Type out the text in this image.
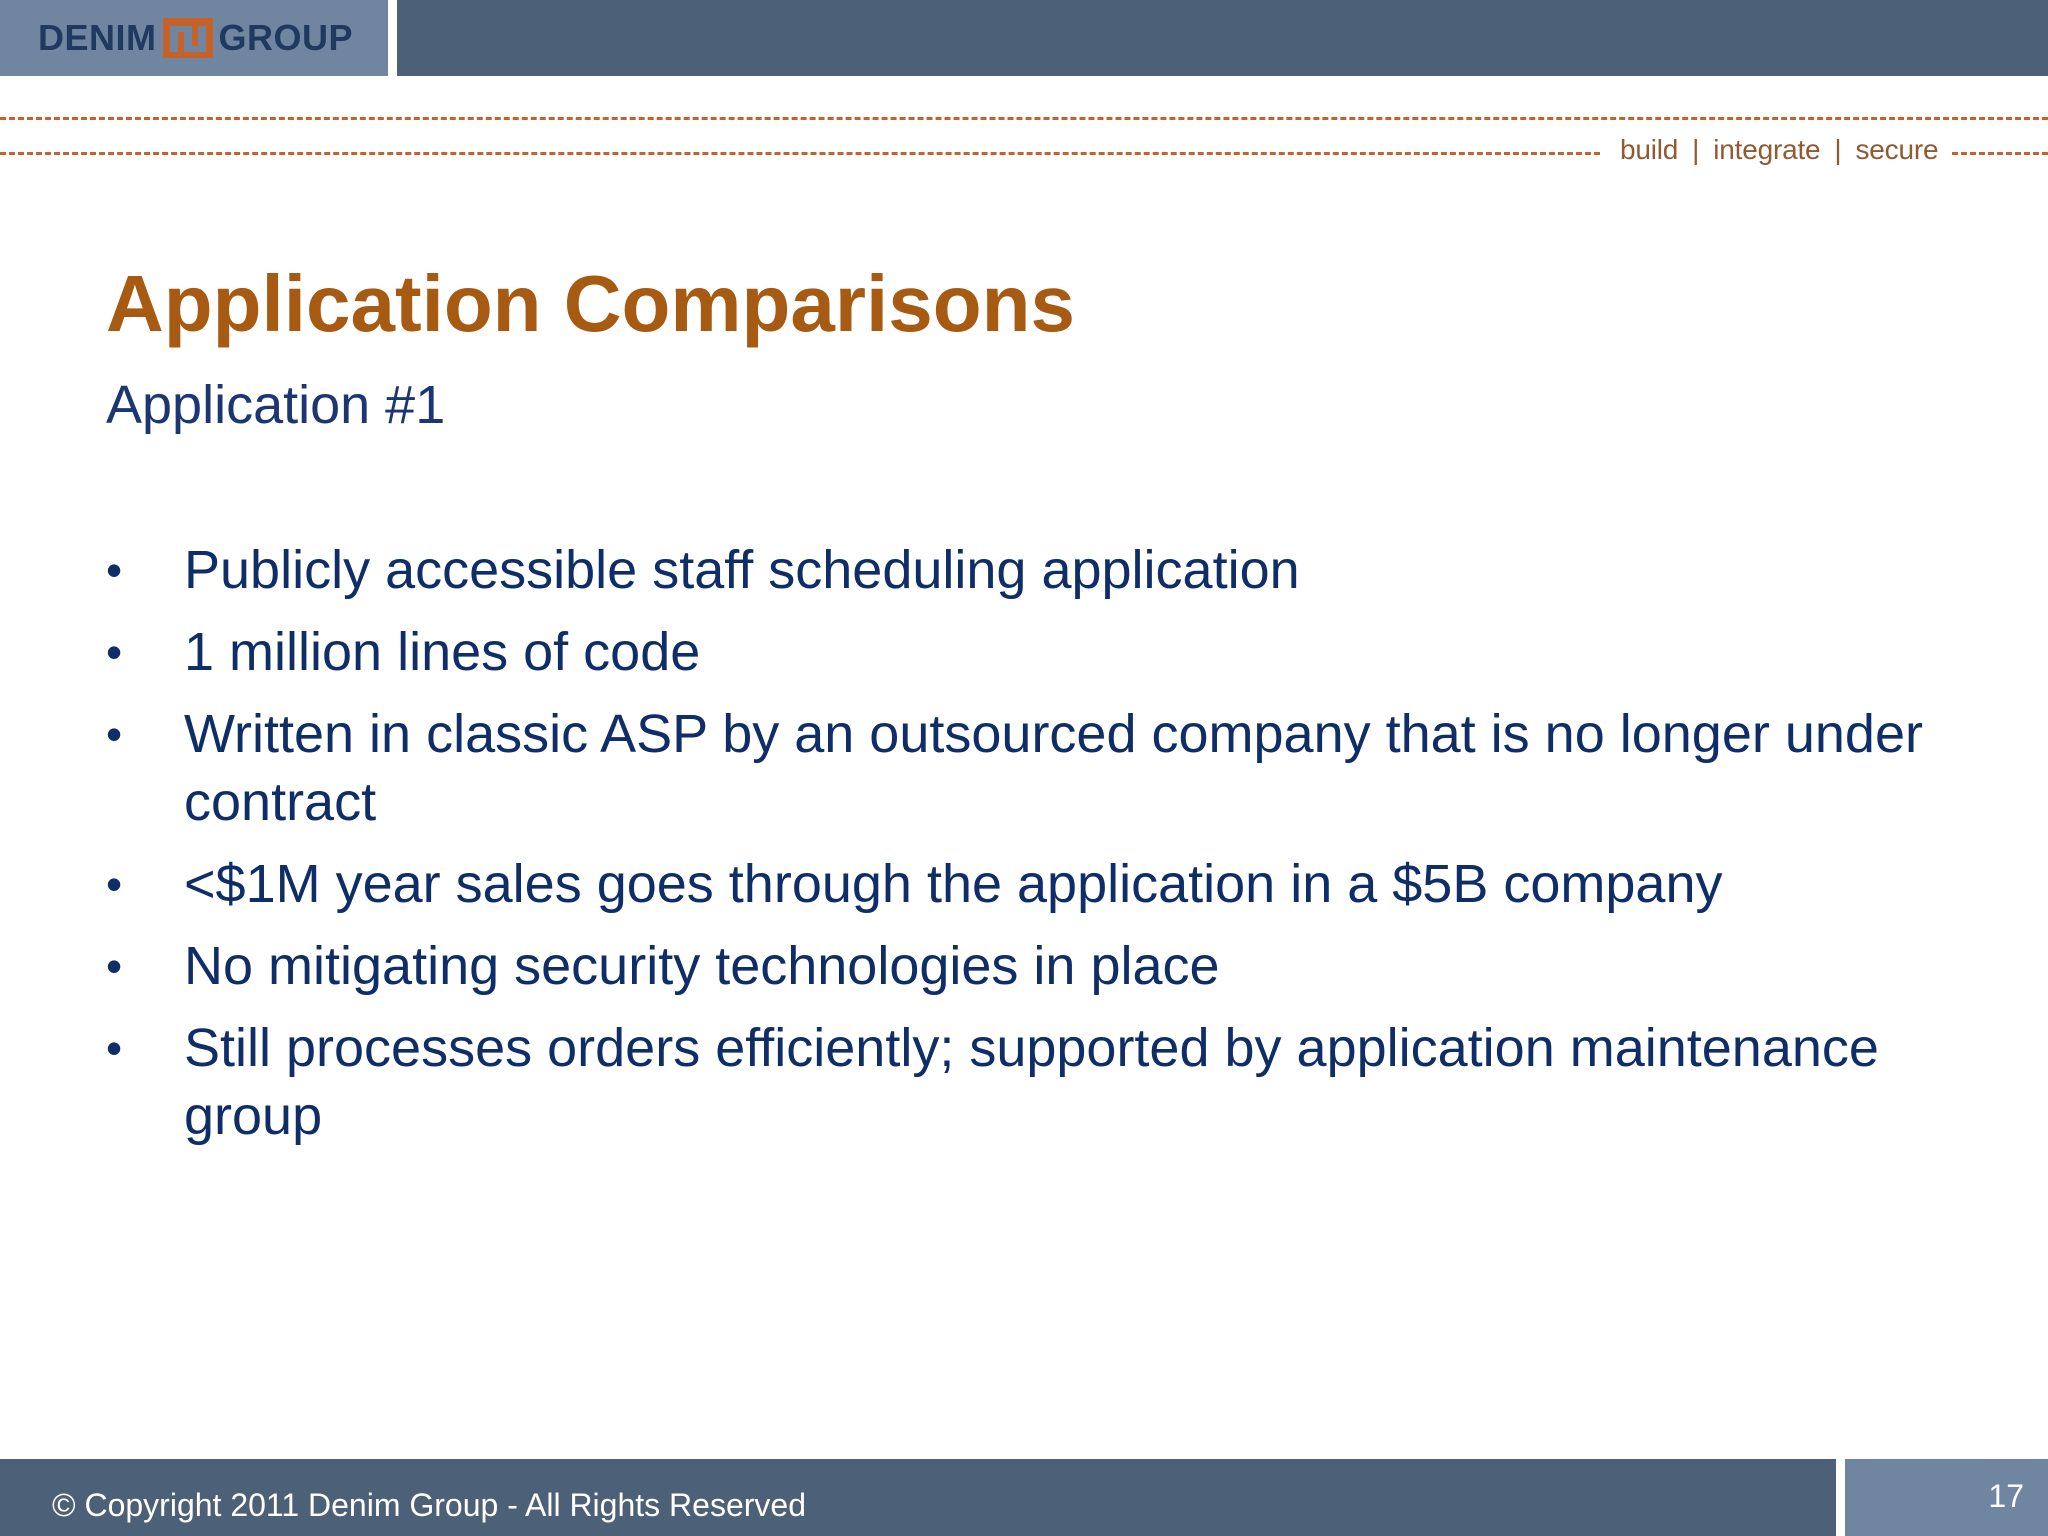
DENIM GROUP
build | integrate | secure
Application Comparisons
Application #1
• Publicly accessible staff scheduling application
• 1 million lines of code
• Written in classic ASP by an outsourced company that is no longer under contract
• <$1M year sales goes through the application in a $5B company
• No mitigating security technologies in place
• Still processes orders efficiently; supported by application maintenance group
© Copyright 2011 Denim Group - All Rights Reserved	17
